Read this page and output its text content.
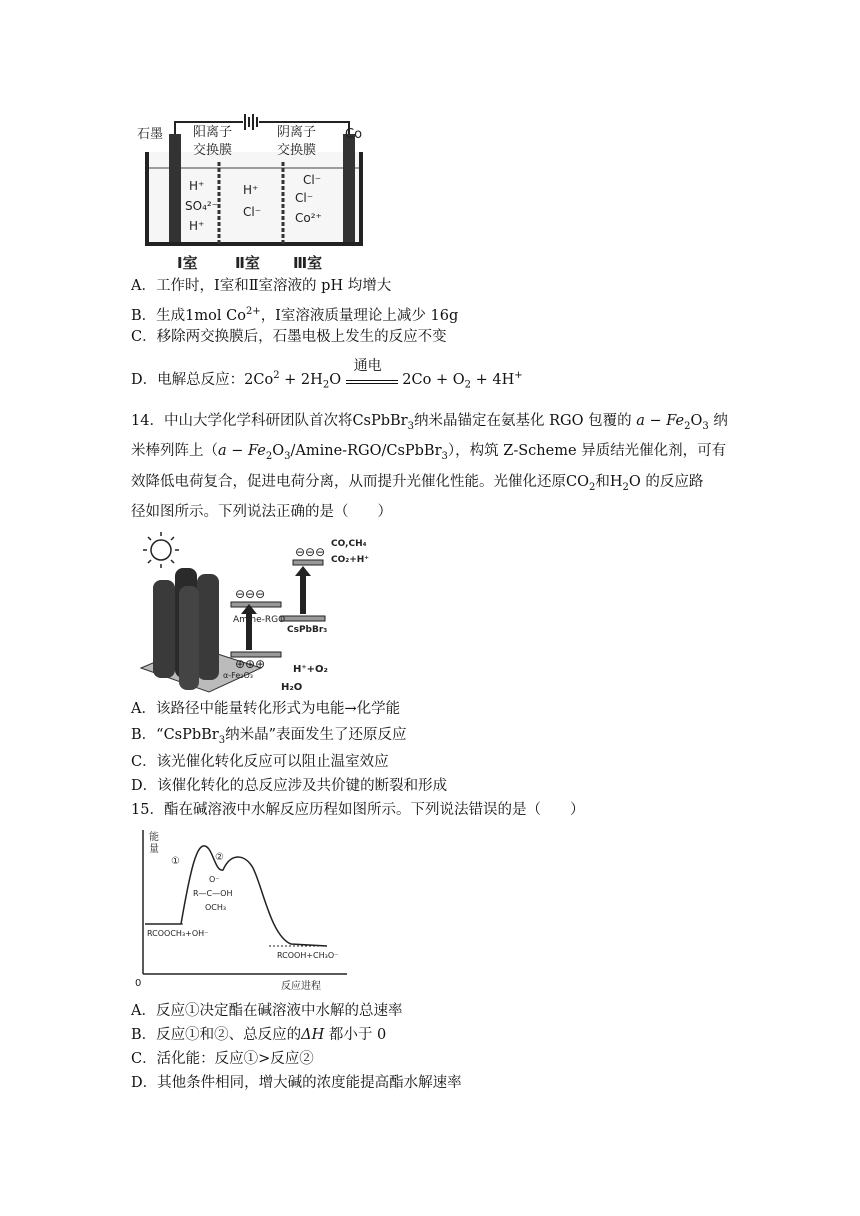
石墨	Co
阳离子
交换膜
阴离子
交换膜
H⁺
SO₄²⁻
H⁺
H⁺
Cl⁻
Cl⁻
Cl⁻
Co²⁺
Ⅰ室 Ⅱ室 Ⅲ室
A．工作时，Ⅰ室和Ⅱ室溶液的 pH 均增大
B．生成1mol $Co^{2+}$，Ⅰ室溶液质量理论上减少 16g
C．移除两交换膜后，石墨电极上发生的反应不变
D．电解总反应：$2Co^2 + 2H_2O$
通电
$2Co + O_2 + 4H^+$
14．中山大学化学科研团队首次将CsPbBr$_3$纳米晶锚定在氨基化 RGO 包覆的 $a - Fe_2O_3$ 纳
米棒列阵上$(a - Fe_2O_3/Amine-RGO/CsPbBr_3)$，构筑 Z-Scheme 异质结光催化剂，可有
效降低电荷复合，促进电荷分离，从而提升光催化性能。光催化还原$CO_2$和$H_2O$ 的反应路
径如图所示。下列说法正确的是（　　）
⊖⊖⊖
⊖⊖⊖
⊕⊕⊕
Amine-RGO
CsPbBr₃
α-Fe₂O₃
CO,CH₄
CO₂+H⁺
H⁺+O₂
H₂O
A．该路径中能量转化形式为电能→化学能
B．“CsPbBr$_3$纳米晶”表面发生了还原反应
C．该光催化转化反应可以阻止温室效应
D．该催化转化的总反应涉及共价键的断裂和形成
15．酯在碱溶液中水解反应历程如图所示。下列说法错误的是（　　）
能
量
0	反应进程
①	②
O⁻
R—C—OH
OCH₃
RCOOCH₃+OH⁻
RCOOH+CH₃O⁻
A．反应①决定酯在碱溶液中水解的总速率
B．反应①和②、总反应的ΔH 都小于 0
C．活化能：反应①>反应②
D．其他条件相同，增大碱的浓度能提高酯水解速率
